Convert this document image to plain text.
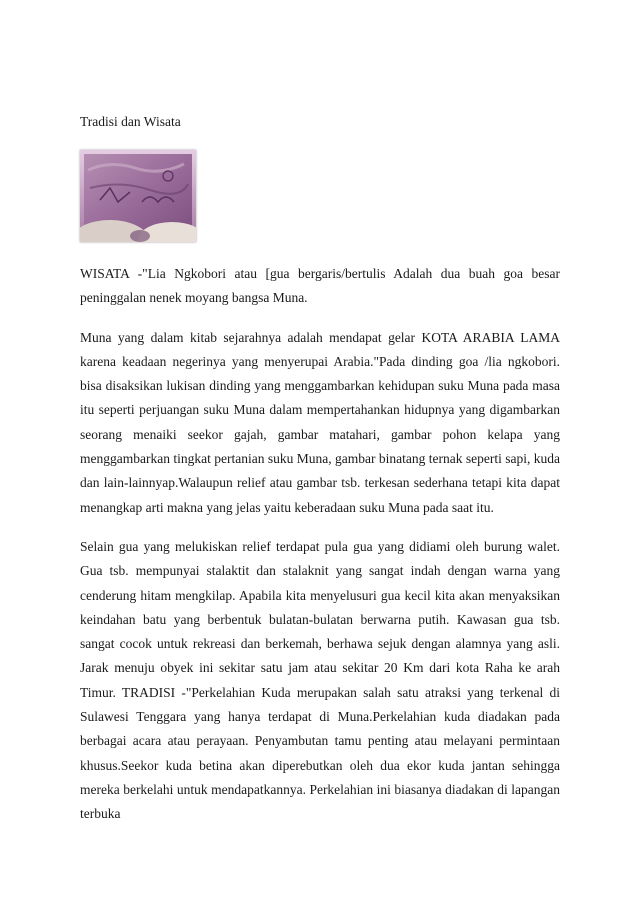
Tradisi dan Wisata

WISATA -"Lia Ngkobori atau [gua bergaris/bertulis Adalah dua buah goa besar peninggalan nenek moyang bangsa Muna.

Muna yang dalam kitab sejarahnya adalah mendapat gelar KOTA ARABIA LAMA karena keadaan negerinya yang menyerupai Arabia."Pada dinding goa /lia ngkobori. bisa disaksikan lukisan dinding yang menggambarkan kehidupan suku Muna pada masa itu seperti perjuangan suku Muna dalam mempertahankan hidupnya yang digambarkan seorang menaiki seekor gajah, gambar matahari, gambar pohon kelapa yang menggambarkan tingkat pertanian suku Muna, gambar binatang ternak seperti sapi, kuda dan lain-lainnyap.Walaupun relief atau gambar tsb. terkesan sederhana tetapi kita dapat menangkap arti makna yang jelas yaitu keberadaan suku Muna pada saat itu.

Selain gua yang melukiskan relief terdapat pula gua yang didiami oleh burung walet. Gua tsb. mempunyai stalaktit dan stalaknit yang sangat indah dengan warna yang cenderung hitam mengkilap. Apabila kita menyelusuri gua kecil kita akan menyaksikan keindahan batu yang berbentuk bulatan-bulatan berwarna putih. Kawasan gua tsb. sangat cocok untuk rekreasi dan berkemah, berhawa sejuk dengan alamnya yang asli. Jarak menuju obyek ini sekitar satu jam atau sekitar 20 Km dari kota Raha ke arah Timur. TRADISI -"Perkelahian Kuda merupakan salah satu atraksi yang terkenal di Sulawesi Tenggara yang hanya terdapat di Muna.Perkelahian kuda diadakan pada berbagai acara atau perayaan. Penyambutan tamu penting atau melayani permintaan khusus.Seekor kuda betina akan diperebutkan oleh dua ekor kuda jantan sehingga mereka berkelahi untuk mendapatkannya. Perkelahian ini biasanya diadakan di lapangan terbuka
